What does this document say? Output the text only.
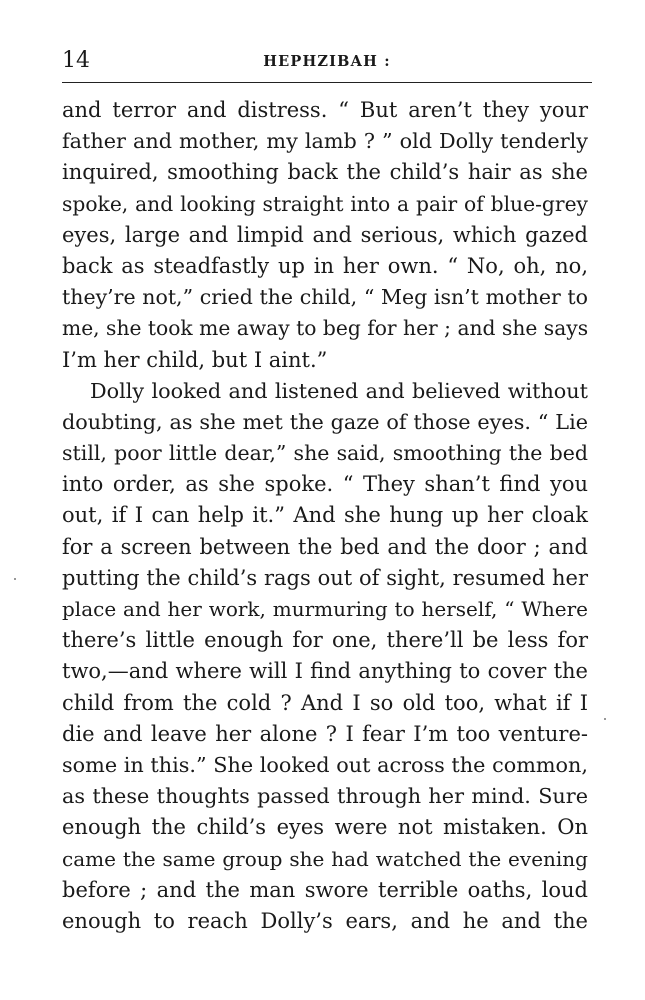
14	HEPHZIBAH :
and terror and distress. “ But aren’t they your
father and mother, my lamb ? ” old Dolly tenderly
inquired, smoothing back the child’s hair as she
spoke, and looking straight into a pair of blue-grey
eyes, large and limpid and serious, which gazed
back as steadfastly up in her own. “ No, oh, no,
they’re not,” cried the child, “ Meg isn’t mother to
me, she took me away to beg for her ; and she says
I’m her child, but I aint.”
Dolly looked and listened and believed without
doubting, as she met the gaze of those eyes. “ Lie
still, poor little dear,” she said, smoothing the bed
into order, as she spoke. “ They shan’t find you
out, if I can help it.” And she hung up her cloak
for a screen between the bed and the door ; and
putting the child’s rags out of sight, resumed her
place and her work, murmuring to herself, “ Where
there’s little enough for one, there’ll be less for
two,—and where will I find anything to cover the
child from the cold ? And I so old too, what if I
die and leave her alone ? I fear I’m too venture-
some in this.” She looked out across the common,
as these thoughts passed through her mind. Sure
enough the child’s eyes were not mistaken. On
came the same group she had watched the evening
before ; and the man swore terrible oaths, loud
enough to reach Dolly’s ears, and he and the
